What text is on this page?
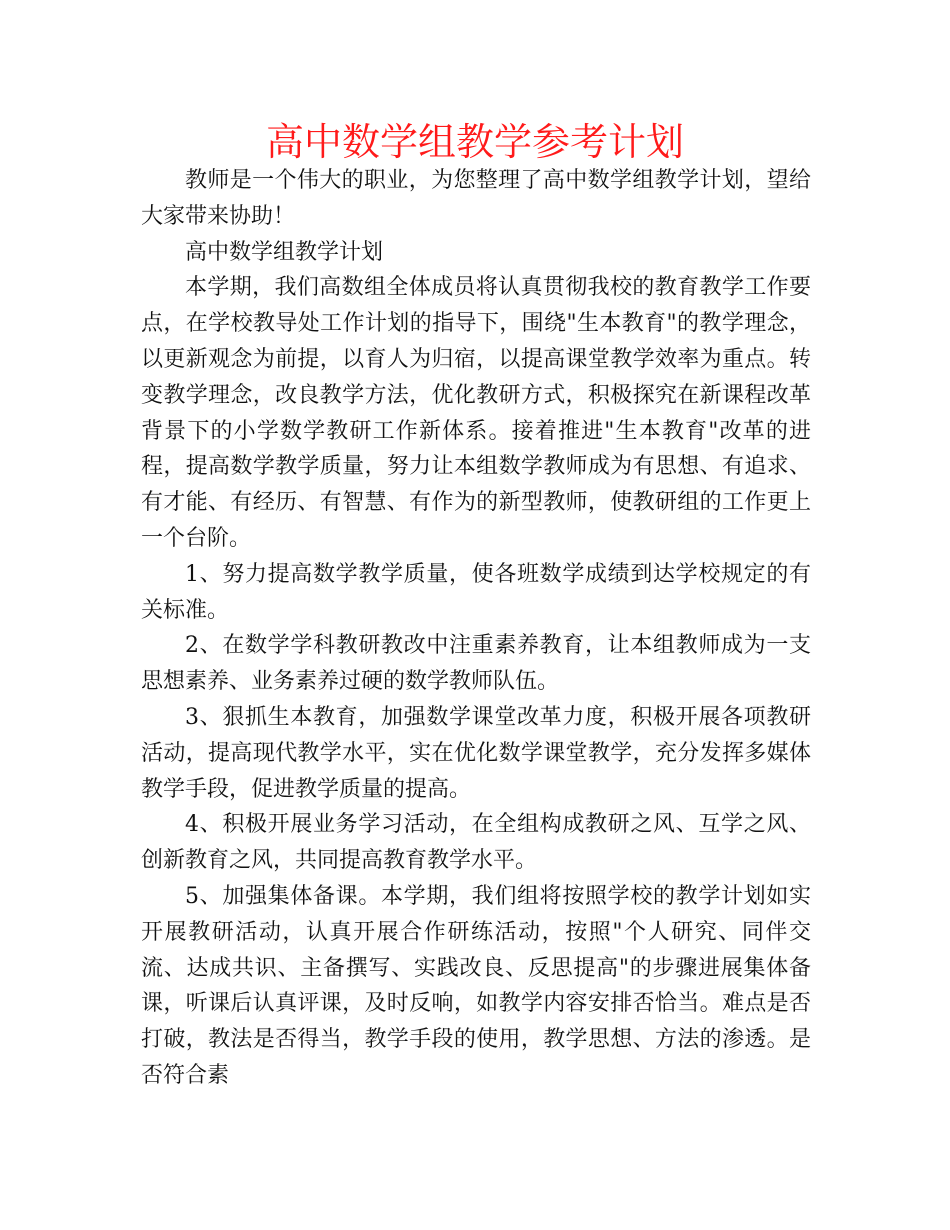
高中数学组教学参考计划

教师是一个伟大的职业，为您整理了高中数学组教学计划，望给大家带来协助！

高中数学组教学计划

本学期，我们高数组全体成员将认真贯彻我校的教育教学工作要点，在学校教导处工作计划的指导下，围绕"生本教育"的教学理念，以更新观念为前提，以育人为归宿，以提高课堂教学效率为重点。转变教学理念，改良教学方法，优化教研方式，积极探究在新课程改革背景下的小学数学教研工作新体系。接着推进"生本教育"改革的进程，提高数学教学质量，努力让本组数学教师成为有思想、有追求、有才能、有经历、有智慧、有作为的新型教师，使教研组的工作更上一个台阶。

1、努力提高数学教学质量，使各班数学成绩到达学校规定的有关标准。

2、在数学学科教研教改中注重素养教育，让本组教师成为一支思想素养、业务素养过硬的数学教师队伍。

3、狠抓生本教育，加强数学课堂改革力度，积极开展各项教研活动，提高现代教学水平，实在优化数学课堂教学，充分发挥多媒体教学手段，促进教学质量的提高。

4、积极开展业务学习活动，在全组构成教研之风、互学之风、创新教育之风，共同提高教育教学水平。

5、加强集体备课。本学期，我们组将按照学校的教学计划如实开展教研活动，认真开展合作研练活动，按照"个人研究、同伴交流、达成共识、主备撰写、实践改良、反思提高"的步骤进展集体备课，听课后认真评课，及时反响，如教学内容安排否恰当。难点是否打破，教法是否得当，教学手段的使用，教学思想、方法的渗透。是否符合素
